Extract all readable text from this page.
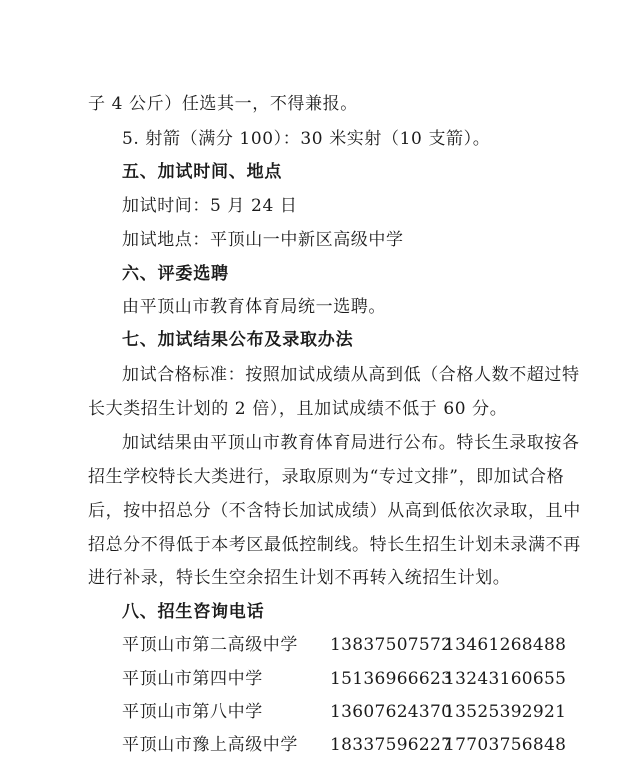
子 4 公斤）任选其一，不得兼报。
5. 射箭（满分 100）：30 米实射（10 支箭）。
五、加试时间、地点
加试时间：5 月 24 日
加试地点：平顶山一中新区高级中学
六、评委选聘
由平顶山市教育体育局统一选聘。
七、加试结果公布及录取办法
加试合格标准：按照加试成绩从高到低（合格人数不超过特
长大类招生计划的 2 倍），且加试成绩不低于 60 分。
加试结果由平顶山市教育体育局进行公布。特长生录取按各
招生学校特长大类进行，录取原则为“专过文排”，即加试合格
后，按中招总分（不含特长加试成绩）从高到低依次录取，且中
招总分不得低于本考区最低控制线。特长生招生计划未录满不再
进行补录，特长生空余招生计划不再转入统招生计划。
八、招生咨询电话
平顶山市第二高级中学 13837507572
13461268488
平顶山市第四中学	15136966623
13243160655
平顶山市第八中学	13607624370
13525392921
平顶山市豫上高级中学 18337596227
17703756848
